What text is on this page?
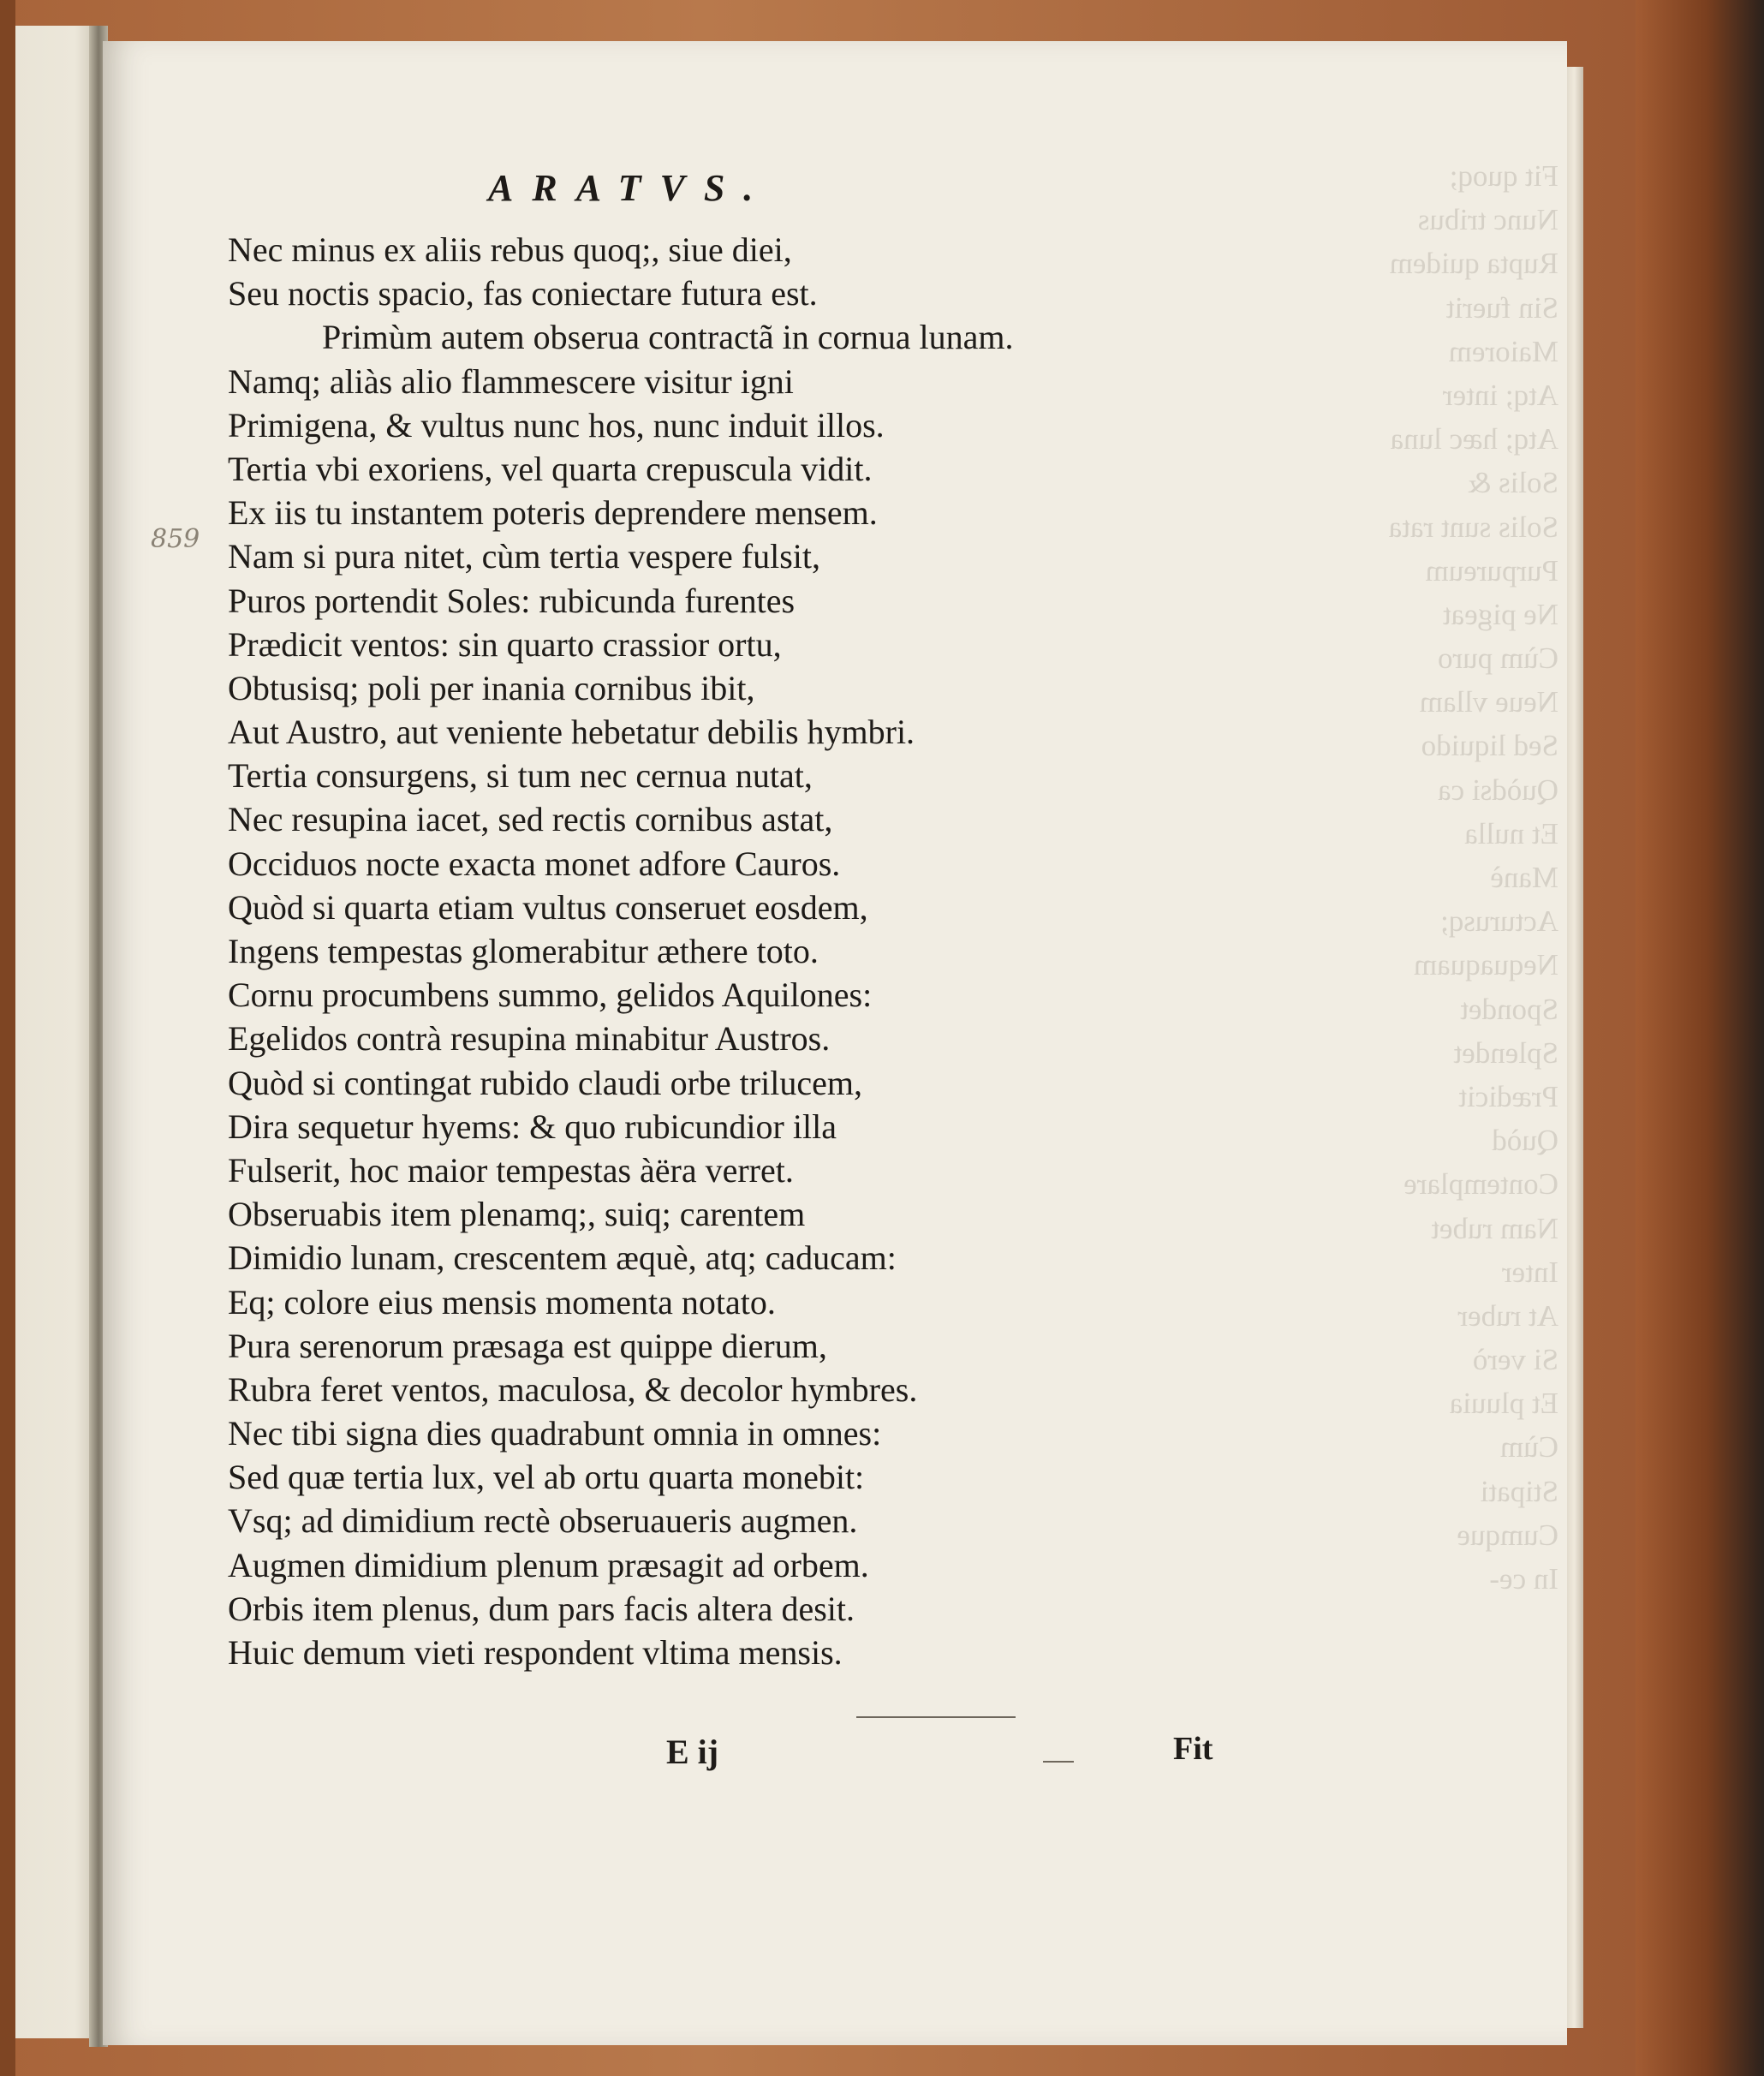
Fit quoq;
Nunc tribus
Rupta quidem
Sin fuerit
Maiorem
Atq; inter
Atq; hæc luna
Solis &
Solis sunt rata
Purpureum
Ne pigeat
Cùm puro
Neue vllam
Sed liquido
Quòdsi ca
Et nulla
Manè
Acturusq;
Nequaquam
Spondet
Splendet
Prædicit
Quòd
Contemplare
Nam rubet
Inter
At ruber
Si verò
Et pluuia
Cùm
Stipati
Cumque
In ce-
ARATVS.
859
Nec minus ex aliis rebus quoq;, siue diei,
Seu noctis spacio, fas coniectare futura est.
Primùm autem obserua contractã in cornua lunam.
Namq; aliàs alio flammescere visitur igni
Primigena, & vultus nunc hos, nunc induit illos.
Tertia vbi exoriens, vel quarta crepuscula vidit.
Ex iis tu instantem poteris deprendere mensem.
Nam si pura nitet, cùm tertia vespere fulsit,
Puros portendit Soles: rubicunda furentes
Prædicit ventos: sin quarto crassior ortu,
Obtusisq; poli per inania cornibus ibit,
Aut Austro, aut veniente hebetatur debilis hymbri.
Tertia consurgens, si tum nec cernua nutat,
Nec resupina iacet, sed rectis cornibus astat,
Occiduos nocte exacta monet adfore Cauros.
Quòd si quarta etiam vultus conseruet eosdem,
Ingens tempestas glomerabitur æthere toto.
Cornu procumbens summo, gelidos Aquilones:
Egelidos contrà resupina minabitur Austros.
Quòd si contingat rubido claudi orbe trilucem,
Dira sequetur hyems: & quo rubicundior illa
Fulserit, hoc maior tempestas àëra verret.
Obseruabis item plenamq;, suiq; carentem
Dimidio lunam, crescentem æquè, atq; caducam:
Eq; colore eius mensis momenta notato.
Pura serenorum præsaga est quippe dierum,
Rubra feret ventos, maculosa, & decolor hymbres.
Nec tibi signa dies quadrabunt omnia in omnes:
Sed quæ tertia lux, vel ab ortu quarta monebit:
Vsq; ad dimidium rectè obseruaueris augmen.
Augmen dimidium plenum præsagit ad orbem.
Orbis item plenus, dum pars facis altera desit.
Huic demum vieti respondent vltima mensis.
E ij	Fit
